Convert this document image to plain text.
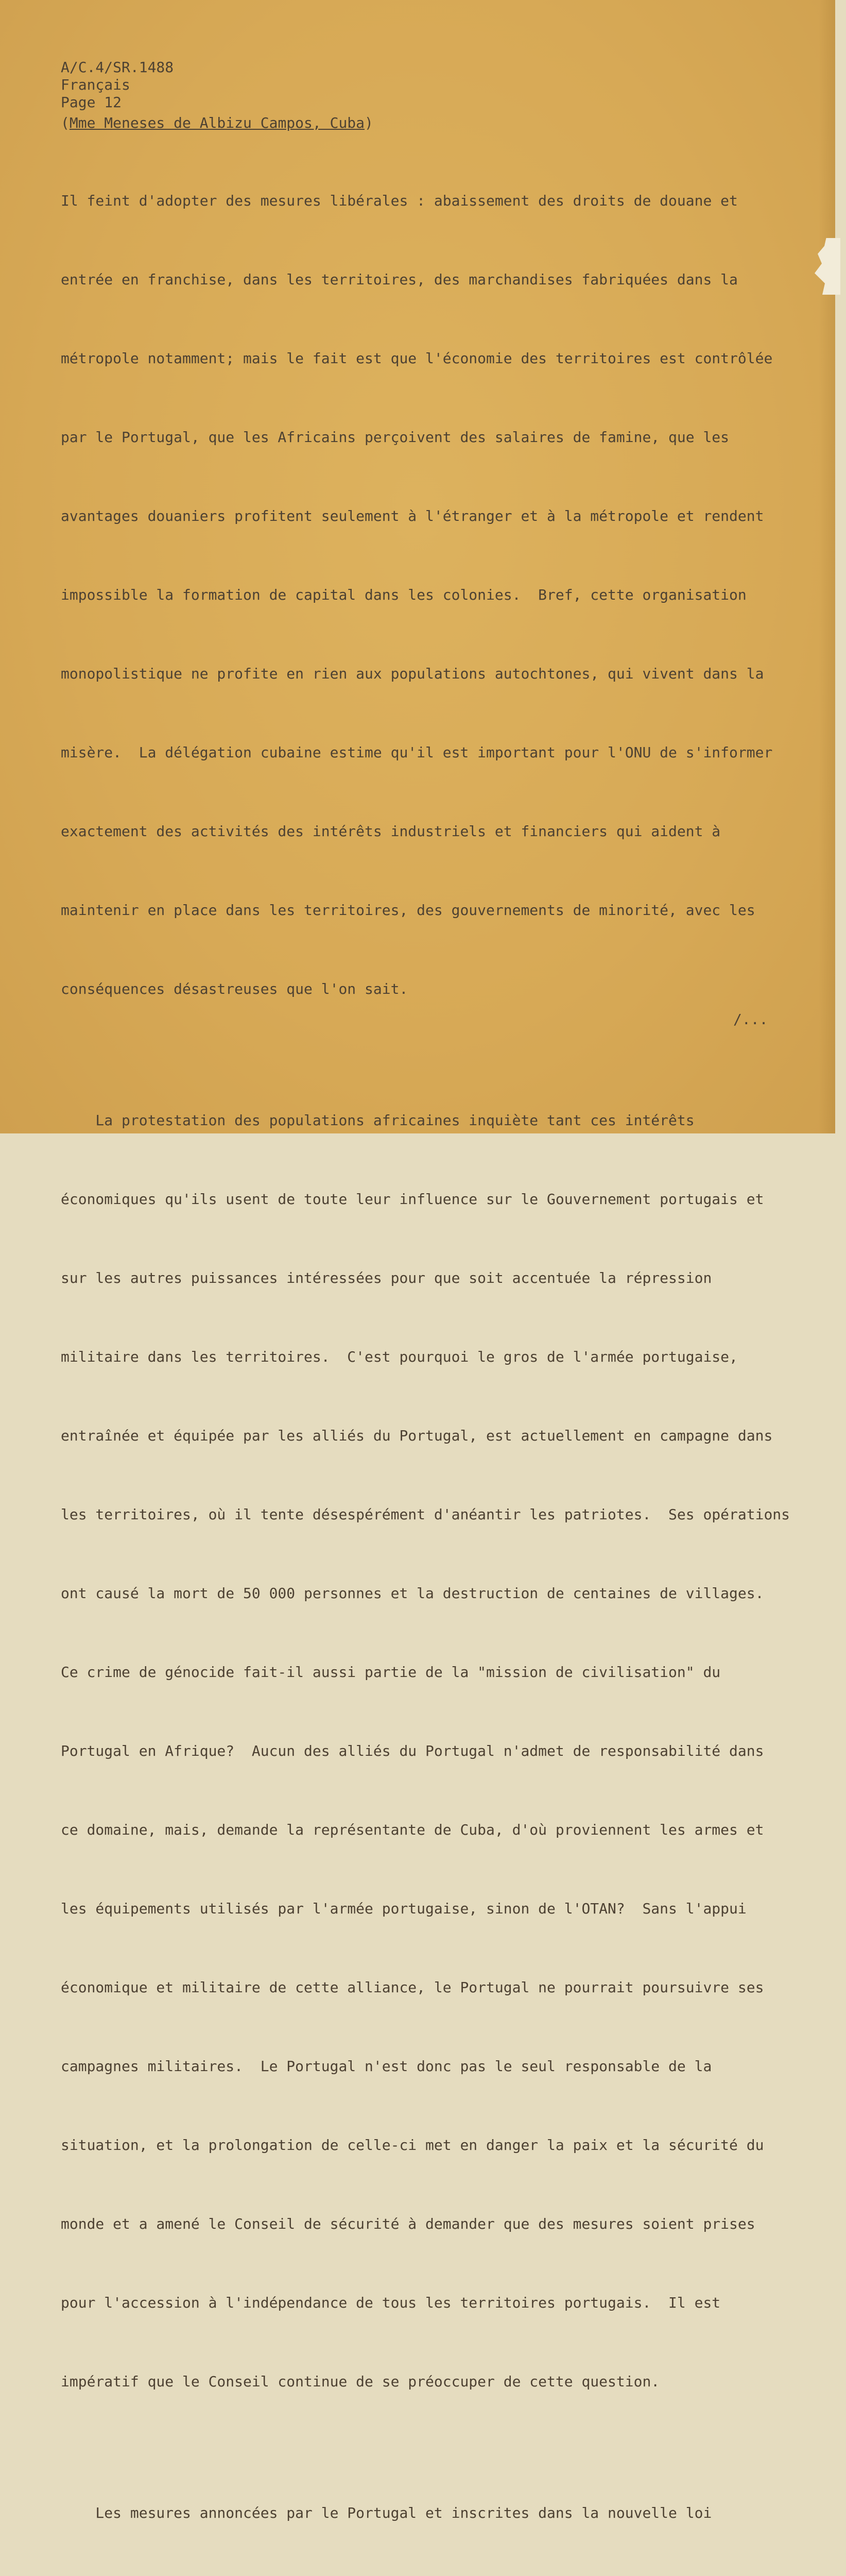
A/C.4/SR.1488
Français
Page 12
(Mme Meneses de Albizu Campos, Cuba)

Il feint d'adopter des mesures libérales : abaissement des droits de douane et

entrée en franchise, dans les territoires, des marchandises fabriquées dans la

métropole notamment; mais le fait est que l'économie des territoires est contrôlée

par le Portugal, que les Africains perçoivent des salaires de famine, que les

avantages douaniers profitent seulement à l'étranger et à la métropole et rendent

impossible la formation de capital dans les colonies.  Bref, cette organisation

monopolistique ne profite en rien aux populations autochtones, qui vivent dans la

misère.  La délégation cubaine estime qu'il est important pour l'ONU de s'informer

exactement des activités des intérêts industriels et financiers qui aident à

maintenir en place dans les territoires, des gouvernements de minorité, avec les

conséquences désastreuses que l'on sait.

La protestation des populations africaines inquiète tant ces intérêts

économiques qu'ils usent de toute leur influence sur le Gouvernement portugais et

sur les autres puissances intéressées pour que soit accentuée la répression

militaire dans les territoires.  C'est pourquoi le gros de l'armée portugaise,

entraînée et équipée par les alliés du Portugal, est actuellement en campagne dans

les territoires, où il tente désespérément d'anéantir les patriotes.  Ses opérations

ont causé la mort de 50 000 personnes et la destruction de centaines de villages.

Ce crime de génocide fait-il aussi partie de la "mission de civilisation" du

Portugal en Afrique?  Aucun des alliés du Portugal n'admet de responsabilité dans

ce domaine, mais, demande la représentante de Cuba, d'où proviennent les armes et

les équipements utilisés par l'armée portugaise, sinon de l'OTAN?  Sans l'appui

économique et militaire de cette alliance, le Portugal ne pourrait poursuivre ses

campagnes militaires.  Le Portugal n'est donc pas le seul responsable de la

situation, et la prolongation de celle-ci met en danger la paix et la sécurité du

monde et a amené le Conseil de sécurité à demander que des mesures soient prises

pour l'accession à l'indépendance de tous les territoires portugais.  Il est

impératif que le Conseil continue de se préoccuper de cette question.

Les mesures annoncées par le Portugal et inscrites dans la nouvelle loi

/...
